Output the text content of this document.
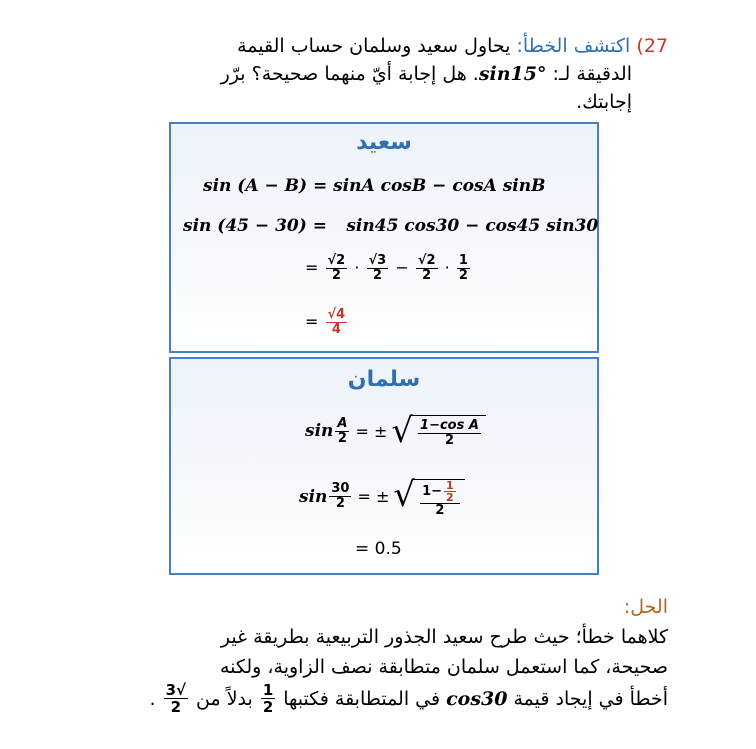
27) اكتشف الخطأ: يحاول سعيد وسلمان حساب القيمة
الدقيقة لـ: sin15°. هل إجابة أيّ منهما صحيحة؟ برّر
إجابتك.
سعيد
sin (A − B) = sinA cosB − cosA sinB
sin (45 − 30) = sin45 cos30 − cos45 sin30
= $\frac{√2}{2} \cdot \frac{√3}{2} - \frac{√2}{2} \cdot \frac{1}{2}$
= $\frac{√4}{4}$
سلمان
$\sin \frac{A}{2}$ = ± √ $\frac{\text{1−cos A}}{2}$
$\sin \frac{30}{2}$ = ± √ $\frac{1- \frac{1}{2}}{2}$
= 0.5
الحل:
كلاهما خطأ؛ حيث طرح سعيد الجذور التربيعية بطريقة غير
صحيحة، كما استعمل سلمان متطابقة نصف الزاوية، ولكنه
أخطأ في إيجاد قيمة
cos30
في المتطابقة فكتبها
$\frac{1}{2}$
بدلاً من
$\frac{√3}{2}$
.
